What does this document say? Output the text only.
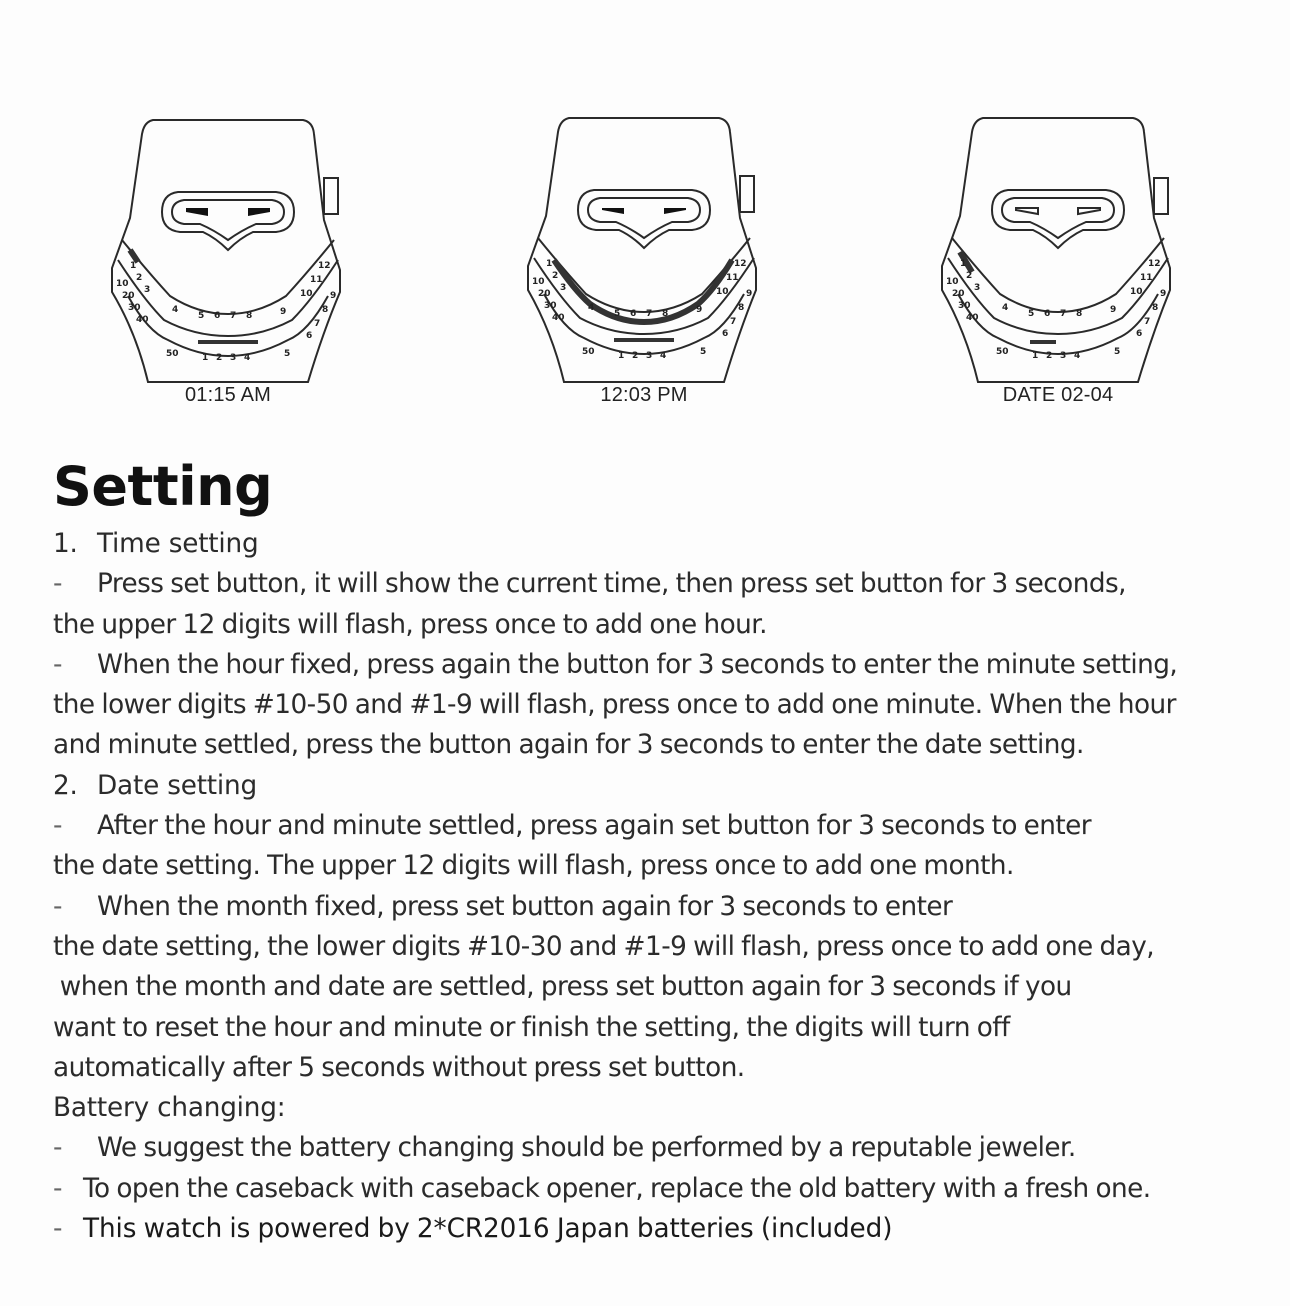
1
2
3
4
5 6 7 8	9
10
11
12
10
20
30
40
50	1 2 3 4	5
6
7
8
9
01:15 AM
1
2
3
4
5 6 7 8	9
10
11
12
10
20
30
40
50	1 2 3 4	5
6
7
8
9
12:03 PM
1
2
3
4
5 6 7 8	9
10
11
12
10
20
30
40
50	1 2 3 4	5
6
7
8
9
DATE 02-04
Setting
1. Time setting
- Press set button, it will show the current time, then press set button for 3 seconds,
the upper 12 digits will flash, press once to add one hour.
- When the hour fixed, press again the button for 3 seconds to enter the minute setting,
the lower digits #10-50 and #1-9 will flash, press once to add one minute. When the hour
and minute settled, press the button again for 3 seconds to enter the date setting.
2. Date setting
- After the hour and minute settled, press again set button for 3 seconds to enter
the date setting. The upper 12 digits will flash, press once to add one month.
- When the month fixed, press set button again for 3 seconds to enter
the date setting, the lower digits #10-30 and #1-9 will flash, press once to add one day,
when the month and date are settled, press set button again for 3 seconds if you
want to reset the hour and minute or finish the setting, the digits will turn off
automatically after 5 seconds without press set button.
Battery changing:
- We suggest the battery changing should be performed by a reputable jeweler.
- To open the caseback with caseback opener, replace the old battery with a fresh one.
- This watch is powered by 2*CR2016 Japan batteries (included)
